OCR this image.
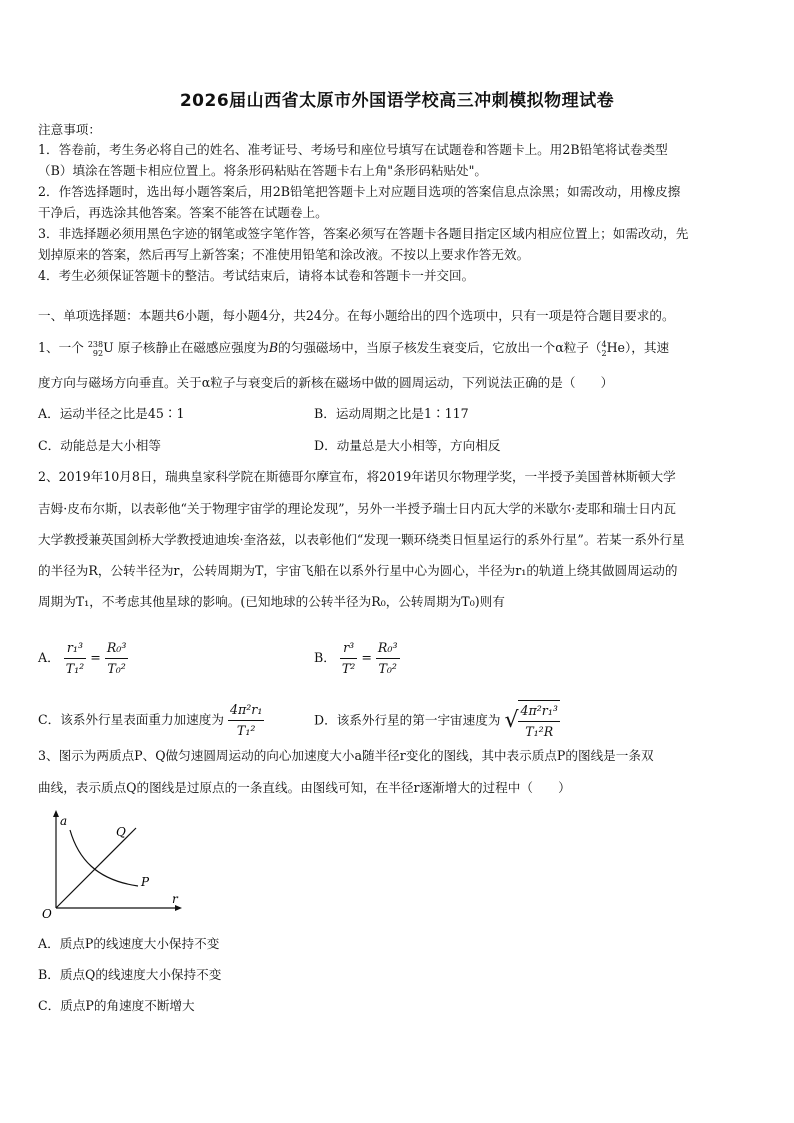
2026届山西省太原市外国语学校高三冲刺模拟物理试卷
注意事项：
1．答卷前，考生务必将自己的姓名、准考证号、考场号和座位号填写在试题卷和答题卡上。用2B铅笔将试卷类型
（B）填涂在答题卡相应位置上。将条形码粘贴在答题卡右上角"条形码粘贴处"。
2．作答选择题时，选出每小题答案后，用2B铅笔把答题卡上对应题目选项的答案信息点涂黑；如需改动，用橡皮擦
干净后，再选涂其他答案。答案不能答在试题卷上。
3．非选择题必须用黑色字迹的钢笔或签字笔作答，答案必须写在答题卡各题目指定区域内相应位置上；如需改动，先
划掉原来的答案，然后再写上新答案；不准使用铅笔和涂改液。不按以上要求作答无效。
4．考生必须保证答题卡的整洁。考试结束后，请将本试卷和答题卡一并交回。
一、单项选择题：本题共6小题，每小题4分，共24分。在每小题给出的四个选项中，只有一项是符合题目要求的。
1、一个 238
92 U 原子核静止在磁感应强度为B的匀强磁场中，当原子核发生衰变后，它放出一个α粒子（ 4
2 He），其速
度方向与磁场方向垂直。关于α粒子与衰变后的新核在磁场中做的圆周运动，下列说法正确的是（　　）
A．运动半径之比是45∶1	B．运动周期之比是1∶117
C．动能总是大小相等	D．动量总是大小相等，方向相反
2、2019年10月8日，瑞典皇家科学院在斯德哥尔摩宣布，将2019年诺贝尔物理学奖，一半授予美国普林斯顿大学
吉姆·皮布尔斯，以表彰他“关于物理宇宙学的理论发现”，另外一半授予瑞士日内瓦大学的米歇尔·麦耶和瑞士日内瓦
大学教授兼英国剑桥大学教授迪迪埃·奎洛兹，以表彰他们“发现一颗环绕类日恒星运行的系外行星”。若某一系外行星
的半径为R，公转半径为r，公转周期为T，宇宙飞船在以系外行星中心为圆心，半径为r₁的轨道上绕其做圆周运动的
周期为T₁，不考虑其他星球的影响。(已知地球的公转半径为R₀，公转周期为T₀)则有
A． $\frac{\text{r₁³}}{\text{T₁²}} = \frac{\text{R₀³}}{\text{T₀²}}$	B． $\frac{\text{r³}}{\text{T²}} = \frac{\text{R₀³}}{\text{T₀²}}$
C．该系外行星表面重力加速度为 $\frac{\text{4π²r₁}}{\text{T₁²}}$	D．该系外行星的第一宇宙速度为 √ $\frac{\text{4π²r₁³}}{\text{T₁²R}}$
3、图示为两质点P、Q做匀速圆周运动的向心加速度大小a随半径r变化的图线，其中表示质点P的图线是一条双
曲线，表示质点Q的图线是过原点的一条直线。由图线可知，在半径r逐渐增大的过程中（　　）
a
r
O
P
Q
A．质点P的线速度大小保持不变
B．质点Q的线速度大小保持不变
C．质点P的角速度不断增大
